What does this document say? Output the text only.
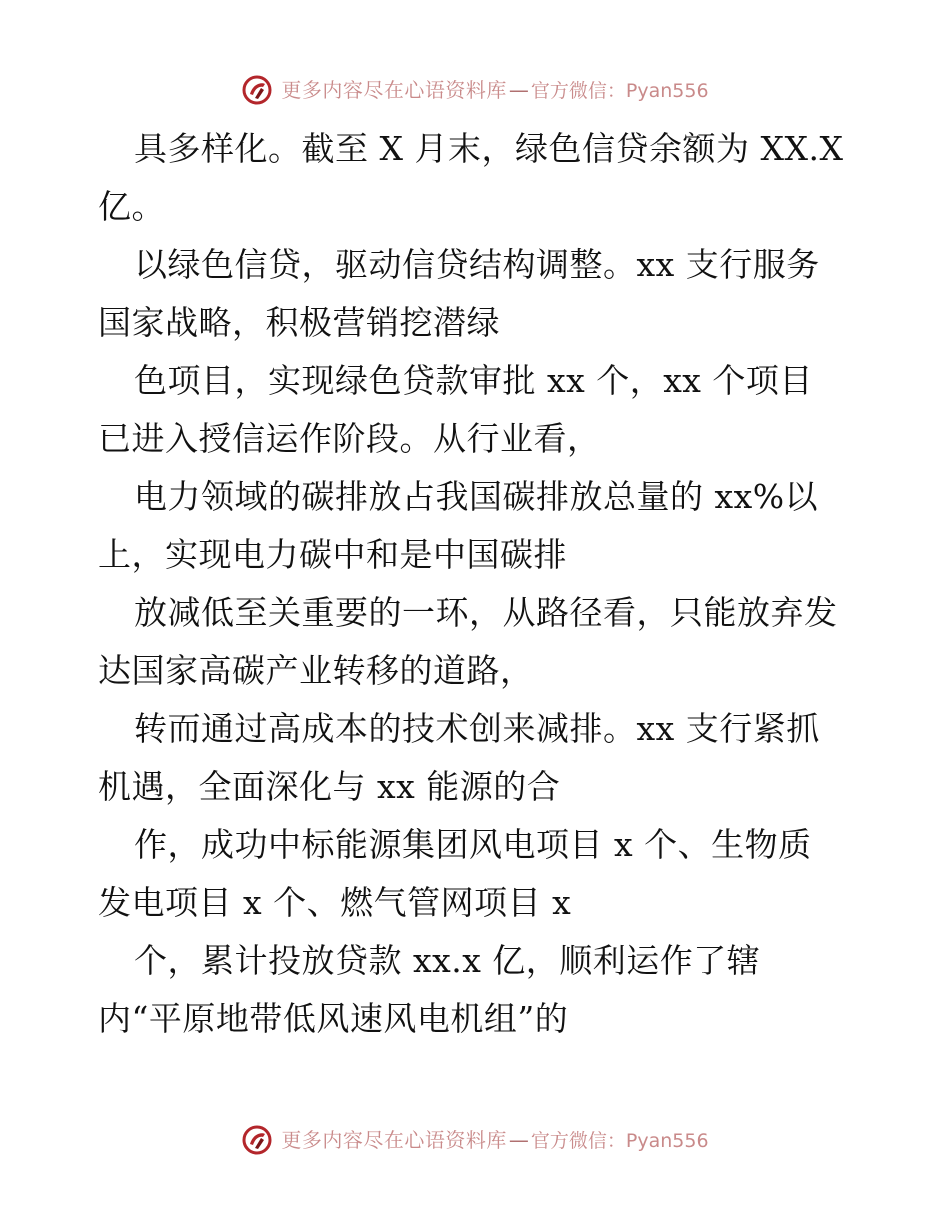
更多内容尽在心语资料库 — 官方微信：Pyan556

具多样化。截至 X 月末，绿色信贷余额为 XX.X
亿。

以绿色信贷，驱动信贷结构调整。xx 支行服务
国家战略，积极营销挖潜绿

色项目，实现绿色贷款审批 xx 个，xx 个项目
已进入授信运作阶段。从行业看，

电力领域的碳排放占我国碳排放总量的 xx%以
上，实现电力碳中和是中国碳排

放减低至关重要的一环，从路径看，只能放弃发
达国家高碳产业转移的道路，

转而通过高成本的技术创来减排。xx 支行紧抓
机遇，全面深化与 xx 能源的合

作，成功中标能源集团风电项目 x 个、生物质
发电项目 x 个、燃气管网项目 x

个，累计投放贷款 xx.x 亿，顺利运作了辖
内“平原地带低风速风电机组”的

更多内容尽在心语资料库 — 官方微信：Pyan556
